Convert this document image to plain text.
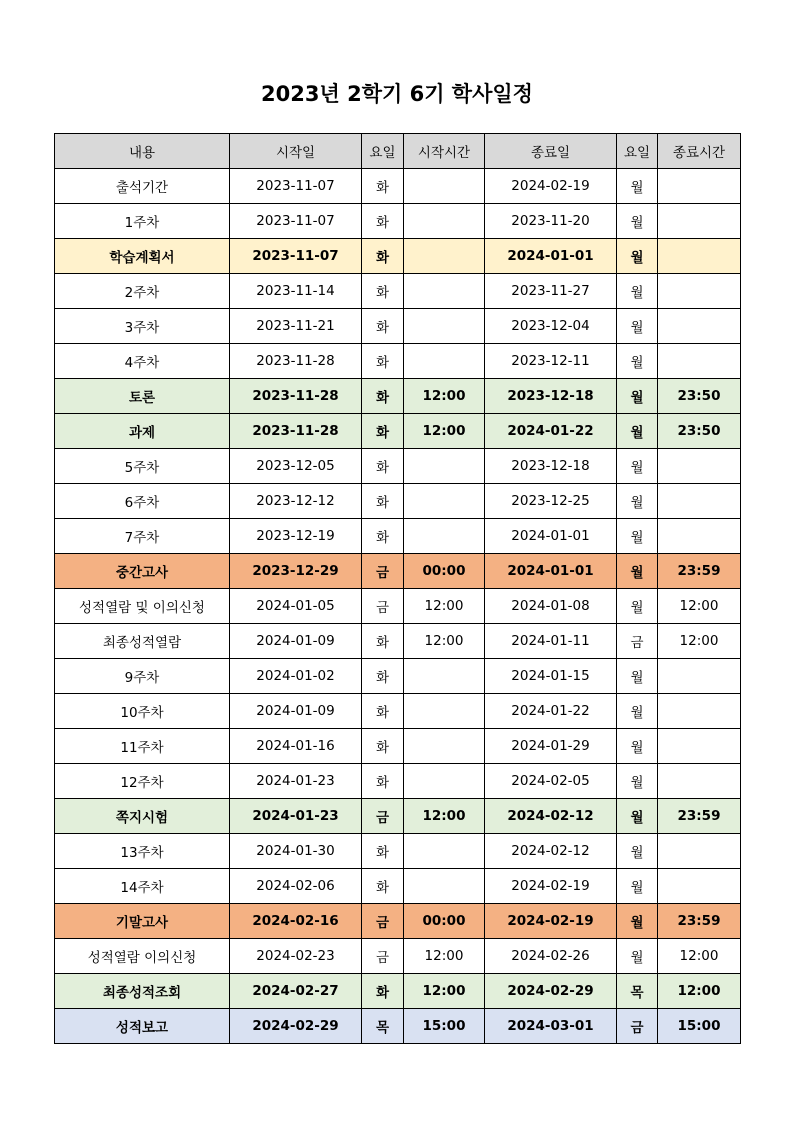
2023년 2학기 6기 학사일정
내용	시작일	요일	시작시간	종료일	요일	종료시간
출석기간	2023-11-07	화		2024-02-19	월	
1주차	2023-11-07	화		2023-11-20	월	
학습계획서	2023-11-07	화		2024-01-01	월	
2주차	2023-11-14	화		2023-11-27	월	
3주차	2023-11-21	화		2023-12-04	월	
4주차	2023-11-28	화		2023-12-11	월	
토론	2023-11-28	화	12:00	2023-12-18	월	23:50
과제	2023-11-28	화	12:00	2024-01-22	월	23:50
5주차	2023-12-05	화		2023-12-18	월	
6주차	2023-12-12	화		2023-12-25	월	
7주차	2023-12-19	화		2024-01-01	월	
중간고사	2023-12-29	금	00:00	2024-01-01	월	23:59
성적열람 및 이의신청	2024-01-05	금	12:00	2024-01-08	월	12:00
최종성적열람	2024-01-09	화	12:00	2024-01-11	금	12:00
9주차	2024-01-02	화		2024-01-15	월	
10주차	2024-01-09	화		2024-01-22	월	
11주차	2024-01-16	화		2024-01-29	월	
12주차	2024-01-23	화		2024-02-05	월	
쪽지시험	2024-01-23	금	12:00	2024-02-12	월	23:59
13주차	2024-01-30	화		2024-02-12	월	
14주차	2024-02-06	화		2024-02-19	월	
기말고사	2024-02-16	금	00:00	2024-02-19	월	23:59
성적열람 이의신청	2024-02-23	금	12:00	2024-02-26	월	12:00
최종성적조회	2024-02-27	화	12:00	2024-02-29	목	12:00
성적보고	2024-02-29	목	15:00	2024-03-01	금	15:00
